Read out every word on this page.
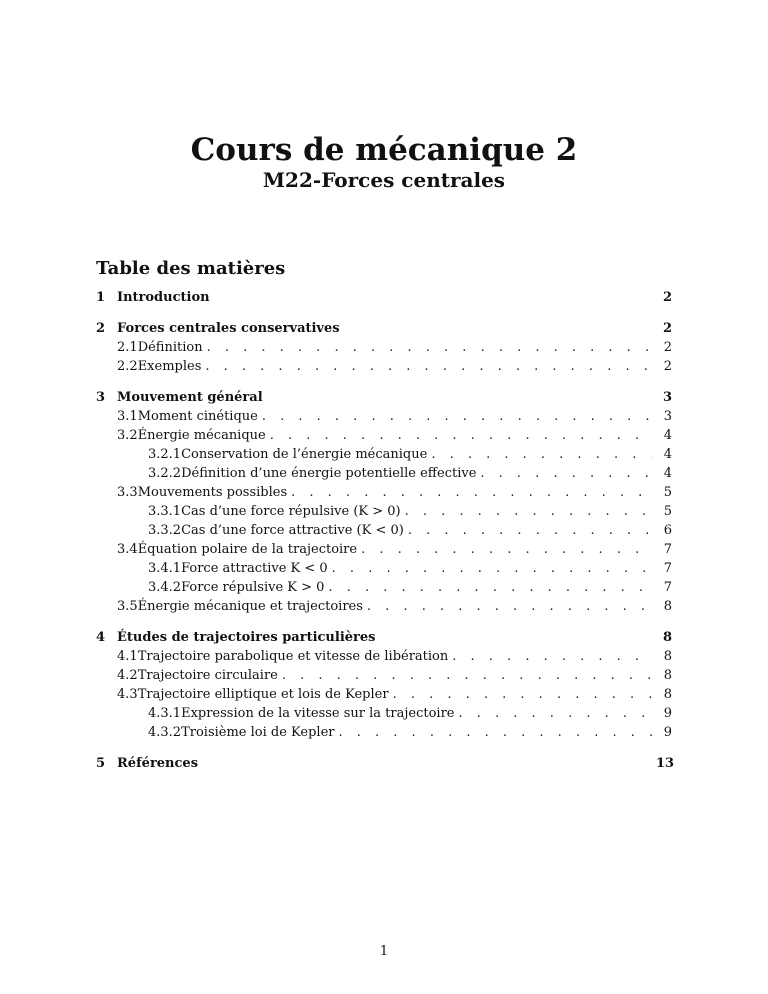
Cours de mécanique 2
M22-Forces centrales
Table des matières
1 Introduction	2
2 Forces centrales conservatives	2
2.1 Définition . . .	2
2.2 Exemples . . .	2
3 Mouvement général	3
3.1 Moment cinétique . . .	3
3.2 Énergie mécanique . . .	4
3.2.1 Conservation de l’énergie mécanique . . .	4
3.2.2 Définition d’une énergie potentielle effective . . .	4
3.3 Mouvements possibles . . .	5
3.3.1 Cas d’une force répulsive (K > 0) . . .	5
3.3.2 Cas d’une force attractive (K < 0) . . .	6
3.4 Équation polaire de la trajectoire . . .	7
3.4.1 Force attractive K < 0 . . .	7
3.4.2 Force répulsive K > 0 . . .	7
3.5 Énergie mécanique et trajectoires . . .	8
4 Études de trajectoires particulières	8
4.1 Trajectoire parabolique et vitesse de libération . . .	8
4.2 Trajectoire circulaire . . .	8
4.3 Trajectoire elliptique et lois de Kepler . . .	8
4.3.1 Expression de la vitesse sur la trajectoire . . .	9
4.3.2 Troisième loi de Kepler . . .	9
5 Références	13
1
